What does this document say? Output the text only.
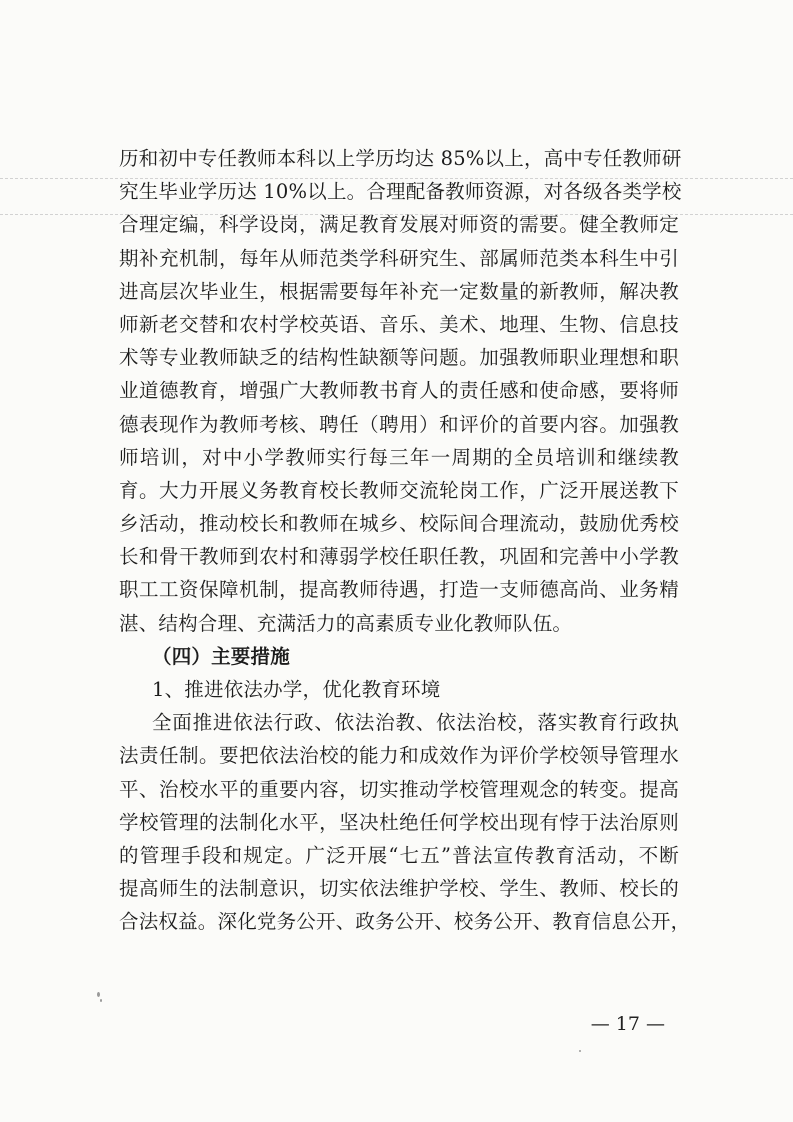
历和初中专任教师本科以上学历均达 85%以上，高中专任教师研
究生毕业学历达 10%以上。合理配备教师资源，对各级各类学校
合理定编，科学设岗，满足教育发展对师资的需要。健全教师定
期补充机制，每年从师范类学科研究生、部属师范类本科生中引
进高层次毕业生，根据需要每年补充一定数量的新教师，解决教
师新老交替和农村学校英语、音乐、美术、地理、生物、信息技
术等专业教师缺乏的结构性缺额等问题。加强教师职业理想和职
业道德教育，增强广大教师教书育人的责任感和使命感，要将师
德表现作为教师考核、聘任（聘用）和评价的首要内容。加强教
师培训，对中小学教师实行每三年一周期的全员培训和继续教
育。大力开展义务教育校长教师交流轮岗工作，广泛开展送教下
乡活动，推动校长和教师在城乡、校际间合理流动，鼓励优秀校
长和骨干教师到农村和薄弱学校任职任教，巩固和完善中小学教
职工工资保障机制，提高教师待遇，打造一支师德高尚、业务精
湛、结构合理、充满活力的高素质专业化教师队伍。
（四）主要措施
1、推进依法办学，优化教育环境
全面推进依法行政、依法治教、依法治校，落实教育行政执
法责任制。要把依法治校的能力和成效作为评价学校领导管理水
平、治校水平的重要内容，切实推动学校管理观念的转变。提高
学校管理的法制化水平，坚决杜绝任何学校出现有悖于法治原则
的管理手段和规定。广泛开展“七五”普法宣传教育活动，不断
提高师生的法制意识，切实依法维护学校、学生、教师、校长的
合法权益。深化党务公开、政务公开、校务公开、教育信息公开，
— 17 —
